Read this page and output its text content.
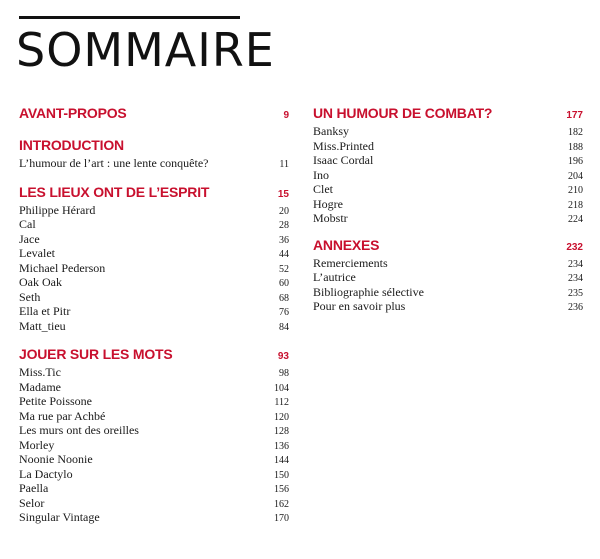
SOMMAIRE
AVANT-PROPOS	9
INTRODUCTION
L’humour de l’art : une lente conquête?	11
LES LIEUX ONT DE L’ESPRIT	15
Philippe Hérard	20
Cal	28
Jace	36
Levalet	44
Michael Pederson	52
Oak Oak	60
Seth	68
Ella et Pitr	76
Matt_tieu	84
JOUER SUR LES MOTS	93
Miss.Tic	98
Madame	104
Petite Poissone	112
Ma rue par Achbé	120
Les murs ont des oreilles	128
Morley	136
Noonie Noonie	144
La Dactylo	150
Paella	156
Selor	162
Singular Vintage	170
UN HUMOUR DE COMBAT?	177
Banksy	182
Miss.Printed	188
Isaac Cordal	196
Ino	204
Clet	210
Hogre	218
Mobstr	224
ANNEXES	232
Remerciements	234
L’autrice	234
Bibliographie sélective	235
Pour en savoir plus	236
